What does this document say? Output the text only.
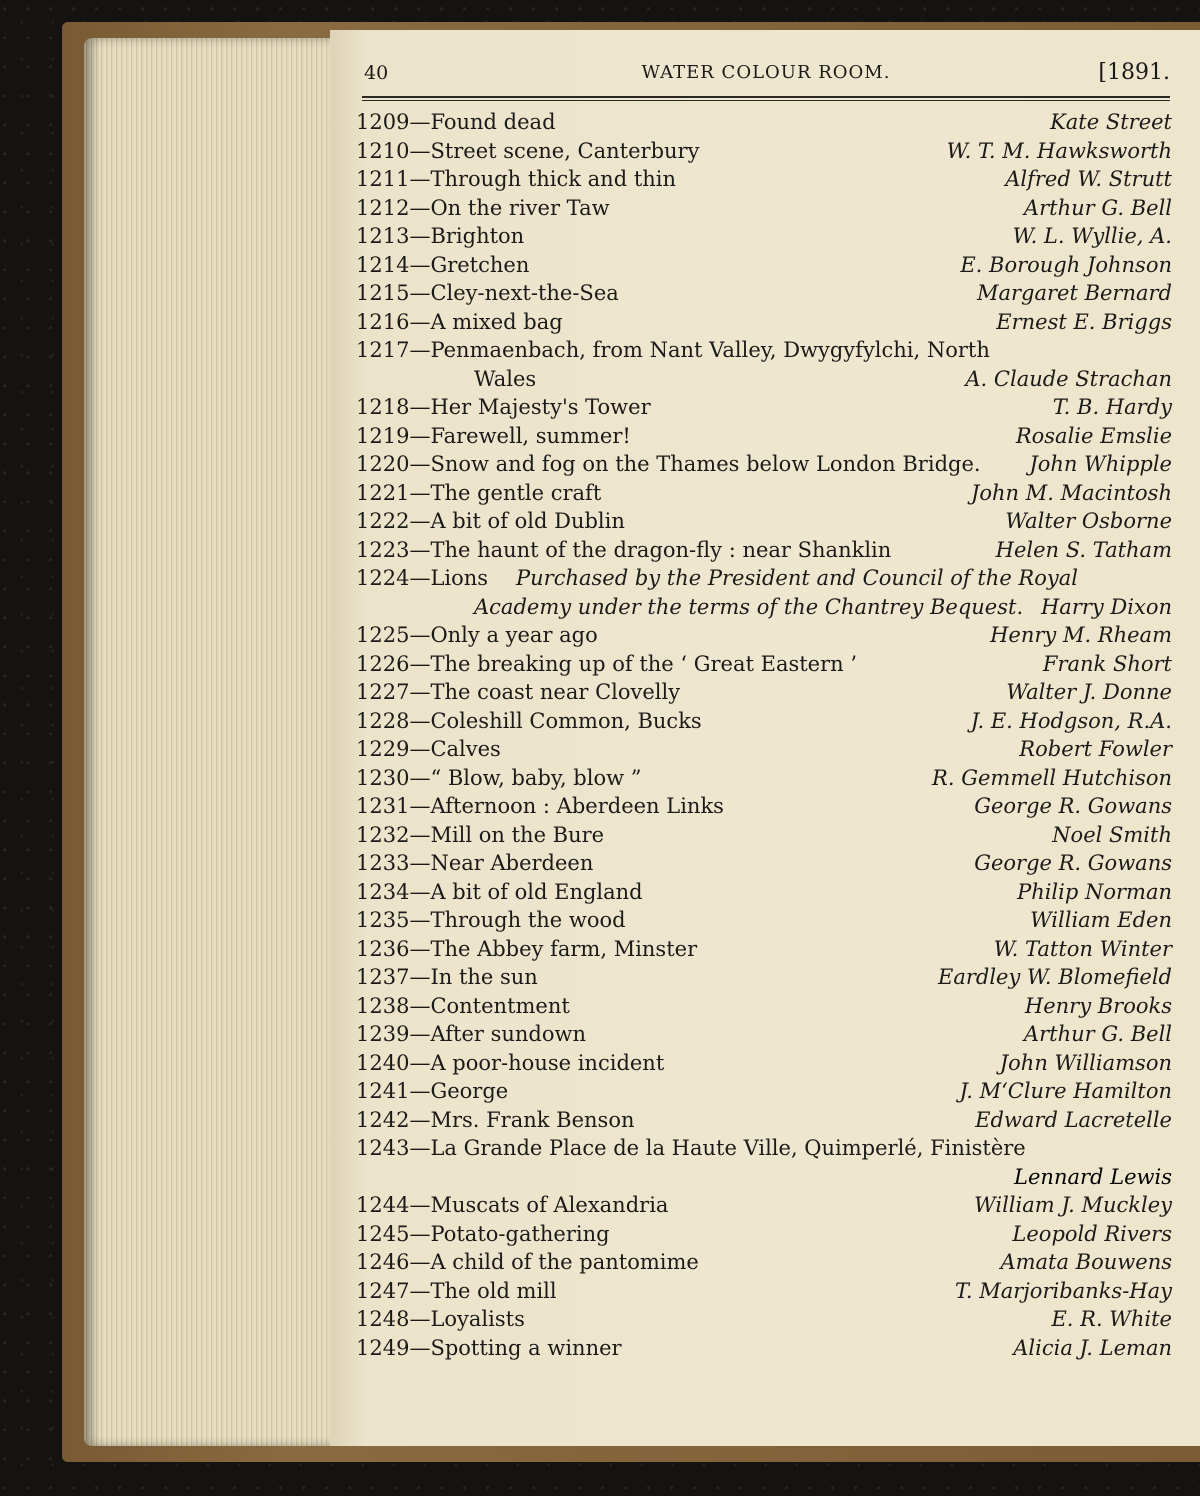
40	WATER COLOUR ROOM.	[1891.
1209—Found dead	Kate Street
1210—Street scene, Canterbury	W. T. M. Hawksworth
1211—Through thick and thin	Alfred W. Strutt
1212—On the river Taw	Arthur G. Bell
1213—Brighton	W. L. Wyllie, A.
1214—Gretchen	E. Borough Johnson
1215—Cley-next-the-Sea	Margaret Bernard
1216—A mixed bag	Ernest E. Briggs
1217—Penmaenbach, from Nant Valley, Dwygyfylchi, North
Wales	A. Claude Strachan
1218—Her Majesty's Tower	T. B. Hardy
1219—Farewell, summer!	Rosalie Emslie
1220—Snow and fog on the Thames below London Bridge. John Whipple
1221—The gentle craft	John M. Macintosh
1222—A bit of old Dublin	Walter Osborne
1223—The haunt of the dragon-fly : near Shanklin	Helen S. Tatham
1224—Lions Purchased by the President and Council of the Royal
Academy under the terms of the Chantrey Bequest. Harry Dixon
1225—Only a year ago	Henry M. Rheam
1226—The breaking up of the ‘ Great Eastern ’	Frank Short
1227—The coast near Clovelly	Walter J. Donne
1228—Coleshill Common, Bucks	J. E. Hodgson, R.A.
1229—Calves	Robert Fowler
1230—“ Blow, baby, blow ”	R. Gemmell Hutchison
1231—Afternoon : Aberdeen Links	George R. Gowans
1232—Mill on the Bure	Noel Smith
1233—Near Aberdeen	George R. Gowans
1234—A bit of old England	Philip Norman
1235—Through the wood	William Eden
1236—The Abbey farm, Minster	W. Tatton Winter
1237—In the sun	Eardley W. Blomefield
1238—Contentment	Henry Brooks
1239—After sundown	Arthur G. Bell
1240—A poor-house incident	John Williamson
1241—George	J. M‘Clure Hamilton
1242—Mrs. Frank Benson	Edward Lacretelle
1243—La Grande Place de la Haute Ville, Quimperlé, Finistère
Lennard Lewis
1244—Muscats of Alexandria	William J. Muckley
1245—Potato-gathering	Leopold Rivers
1246—A child of the pantomime	Amata Bouwens
1247—The old mill	T. Marjoribanks-Hay
1248—Loyalists	E. R. White
1249—Spotting a winner	Alicia J. Leman
